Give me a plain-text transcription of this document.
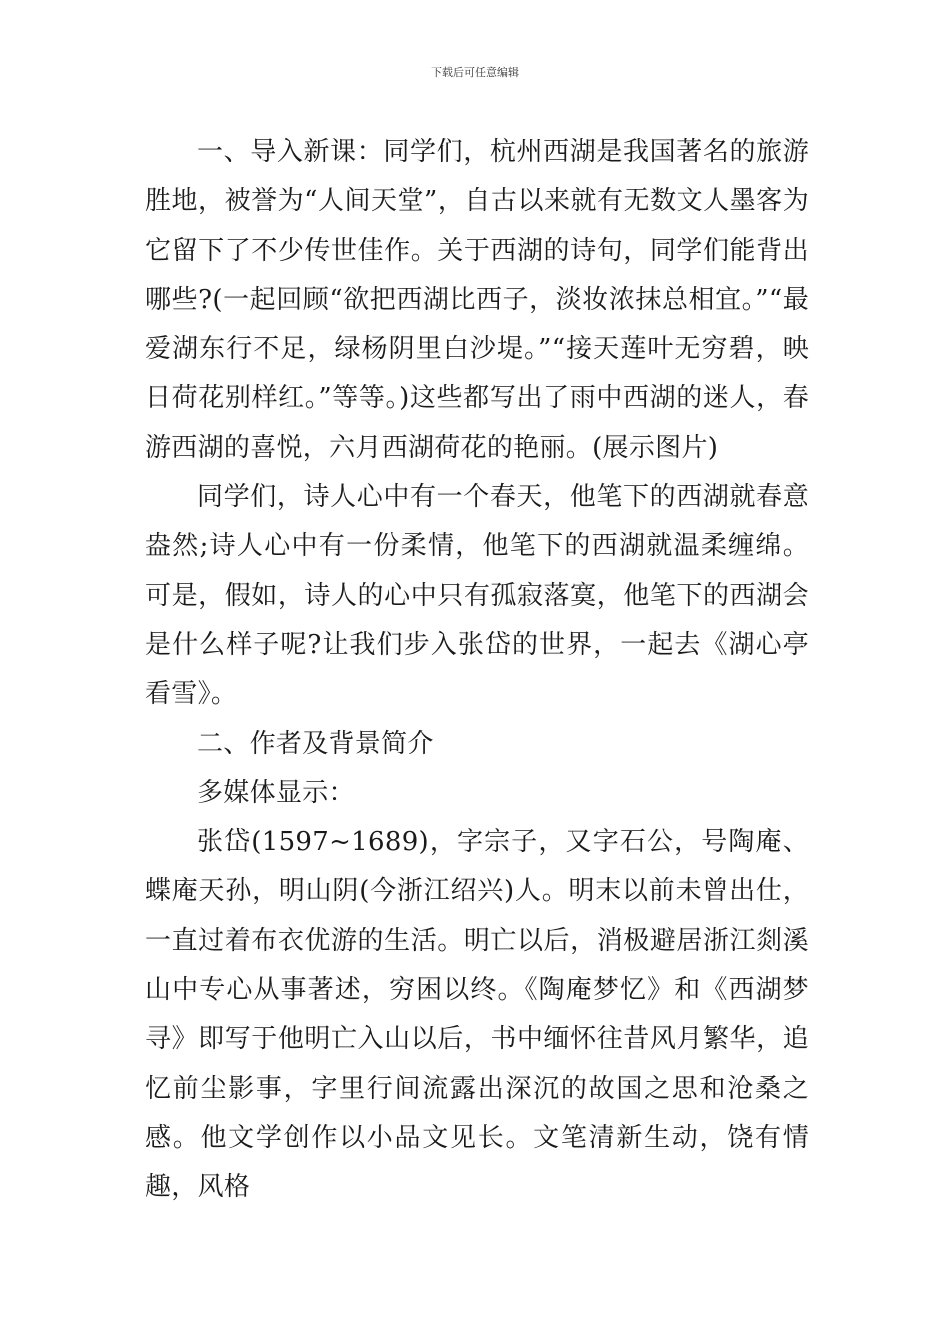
下载后可任意编辑

一、导入新课：同学们，杭州西湖是我国著名的旅游胜地，被誉为“人间天堂”，自古以来就有无数文人墨客为它留下了不少传世佳作。关于西湖的诗句，同学们能背出哪些?(一起回顾“欲把西湖比西子，淡妆浓抹总相宜。”“最爱湖东行不足，绿杨阴里白沙堤。”“接天莲叶无穷碧，映日荷花别样红。”等等。)这些都写出了雨中西湖的迷人，春游西湖的喜悦，六月西湖荷花的艳丽。(展示图片)

同学们，诗人心中有一个春天，他笔下的西湖就春意盎然;诗人心中有一份柔情，他笔下的西湖就温柔缠绵。可是，假如，诗人的心中只有孤寂落寞，他笔下的西湖会是什么样子呢?让我们步入张岱的世界，一起去《湖心亭看雪》。

二、作者及背景简介

多媒体显示：

张岱(1597~1689)，字宗子，又字石公，号陶庵、蝶庵天孙，明山阴(今浙江绍兴)人。明末以前未曾出仕，一直过着布衣优游的生活。明亡以后，消极避居浙江剡溪山中专心从事著述，穷困以终。《陶庵梦忆》和《西湖梦寻》即写于他明亡入山以后，书中缅怀往昔风月繁华，追忆前尘影事，字里行间流露出深沉的故国之思和沧桑之感。他文学创作以小品文见长。文笔清新生动，饶有情趣，风格
